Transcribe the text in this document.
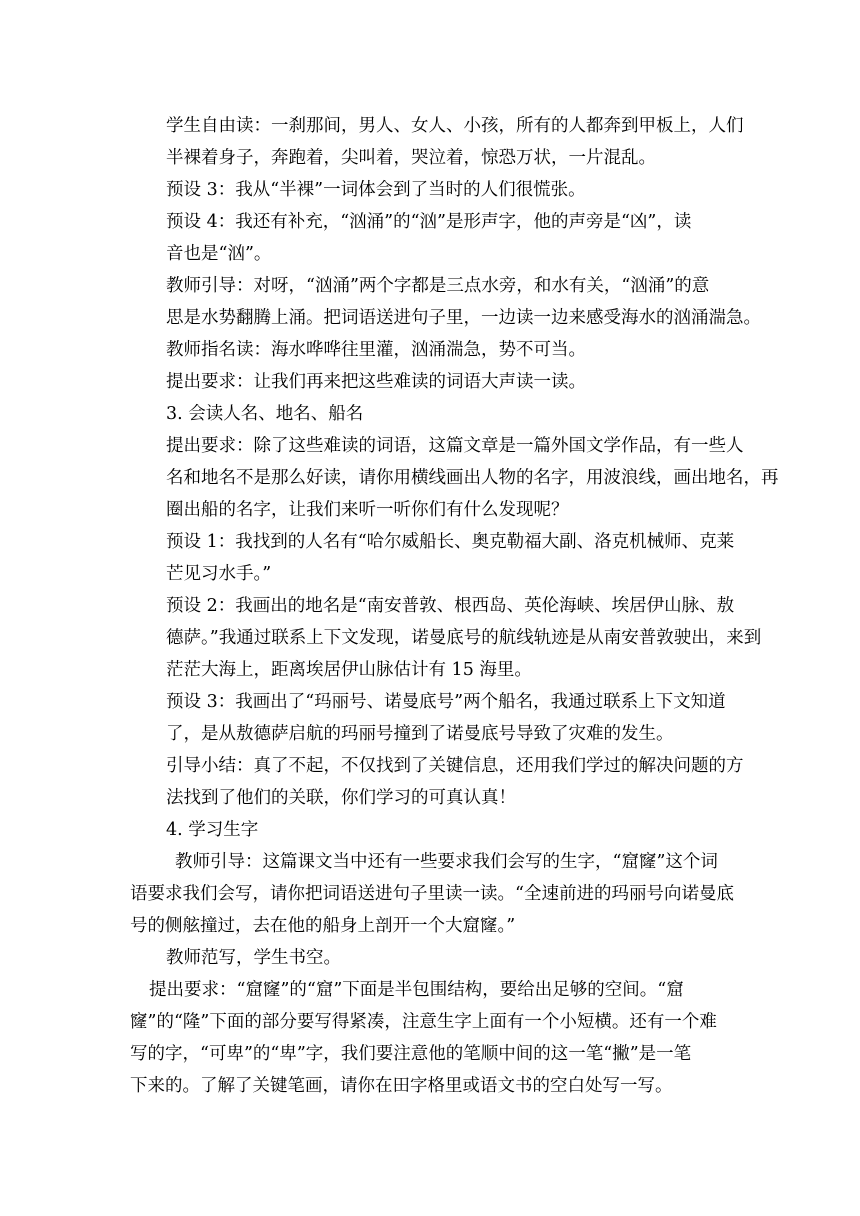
学生自由读：一刹那间，男人、女人、小孩，所有的人都奔到甲板上，人们
半裸着身子，奔跑着，尖叫着，哭泣着，惊恐万状，一片混乱。

预设 3：我从“半裸”一词体会到了当时的人们很慌张。

预设 4：我还有补充，“汹涌”的“汹”是形声字，他的声旁是“凶”，读
音也是“汹”。

教师引导：对呀，“汹涌”两个字都是三点水旁，和水有关，“汹涌”的意
思是水势翻腾上涌。把词语送进句子里，一边读一边来感受海水的汹涌湍急。

教师指名读：海水哗哗往里灌，汹涌湍急，势不可当。

提出要求：让我们再来把这些难读的词语大声读一读。

3. 会读人名、地名、船名

提出要求：除了这些难读的词语，这篇文章是一篇外国文学作品，有一些人
名和地名不是那么好读，请你用横线画出人物的名字，用波浪线，画出地名，再
圈出船的名字，让我们来听一听你们有什么发现呢？

预设 1：我找到的人名有“哈尔威船长、奥克勒福大副、洛克机械师、克莱
芒见习水手。”

预设 2：我画出的地名是“南安普敦、根西岛、英伦海峡、埃居伊山脉、敖
德萨。”我通过联系上下文发现，诺曼底号的航线轨迹是从南安普敦驶出，来到
茫茫大海上，距离埃居伊山脉估计有 15 海里。

预设 3：我画出了“玛丽号、诺曼底号”两个船名，我通过联系上下文知道
了，是从敖德萨启航的玛丽号撞到了诺曼底号导致了灾难的发生。

引导小结：真了不起，不仅找到了关键信息，还用我们学过的解决问题的方
法找到了他们的关联，你们学习的可真认真！

4. 学习生字

教师引导：这篇课文当中还有一些要求我们会写的生字，“窟窿”这个词
语要求我们会写，请你把词语送进句子里读一读。“全速前进的玛丽号向诺曼底
号的侧舷撞过，去在他的船身上剖开一个大窟窿。”

教师范写，学生书空。

提出要求：“窟窿”的“窟”下面是半包围结构，要给出足够的空间。“窟
窿”的“隆”下面的部分要写得紧凑，注意生字上面有一个小短横。还有一个难
写的字，“可卑”的“卑”字，我们要注意他的笔顺中间的这一笔“撇”是一笔
下来的。了解了关键笔画，请你在田字格里或语文书的空白处写一写。
